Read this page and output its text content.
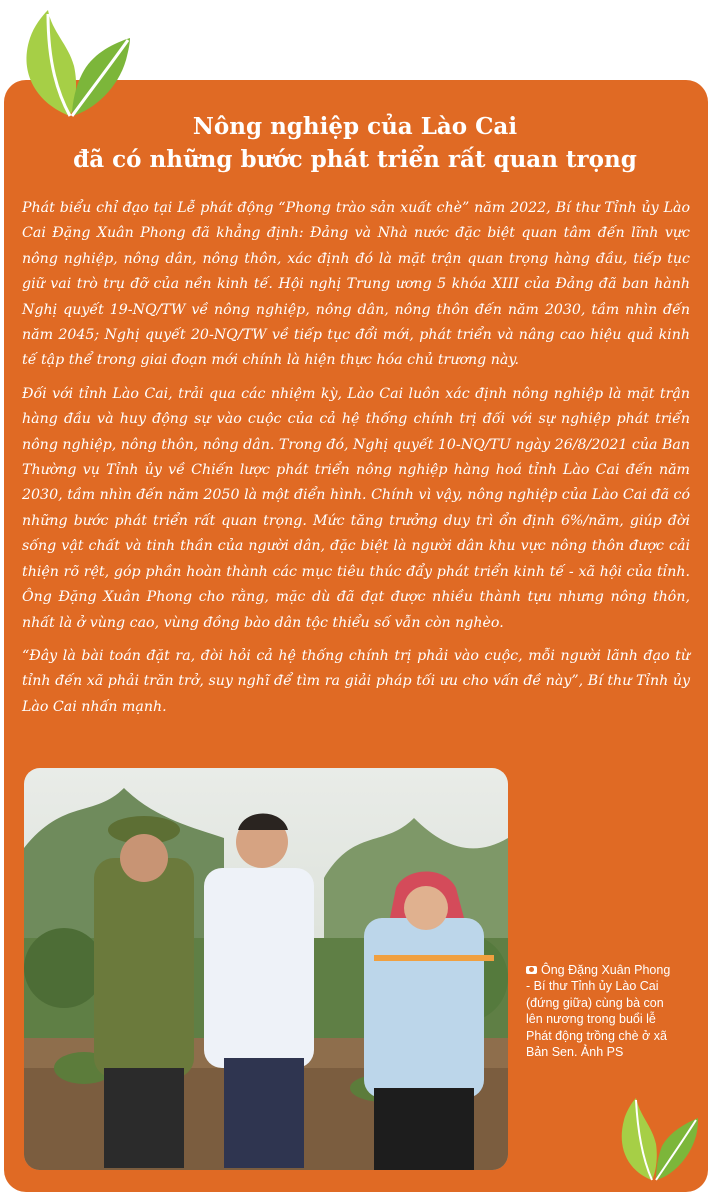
Nông nghiệp của Lào Cai
đã có những bước phát triển rất quan trọng

Phát biểu chỉ đạo tại Lễ phát động “Phong trào sản xuất chè” năm 2022, Bí thư Tỉnh ủy Lào Cai Đặng Xuân Phong đã khẳng định: Đảng và Nhà nước đặc biệt quan tâm đến lĩnh vực nông nghiệp, nông dân, nông thôn, xác định đó là mặt trận quan trọng hàng đầu, tiếp tục giữ vai trò trụ đỡ của nền kinh tế. Hội nghị Trung ương 5 khóa XIII của Đảng đã ban hành Nghị quyết 19-NQ/TW về nông nghiệp, nông dân, nông thôn đến năm 2030, tầm nhìn đến năm 2045; Nghị quyết 20-NQ/TW về tiếp tục đổi mới, phát triển và nâng cao hiệu quả kinh tế tập thể trong giai đoạn mới chính là hiện thực hóa chủ trương này.

Đối với tỉnh Lào Cai, trải qua các nhiệm kỳ, Lào Cai luôn xác định nông nghiệp là mặt trận hàng đầu và huy động sự vào cuộc của cả hệ thống chính trị đối với sự nghiệp phát triển nông nghiệp, nông thôn, nông dân. Trong đó, Nghị quyết 10-NQ/TU ngày 26/8/2021 của Ban Thường vụ Tỉnh ủy về Chiến lược phát triển nông nghiệp hàng hoá tỉnh Lào Cai đến năm 2030, tầm nhìn đến năm 2050 là một điển hình. Chính vì vậy, nông nghiệp của Lào Cai đã có những bước phát triển rất quan trọng. Mức tăng trưởng duy trì ổn định 6%/năm, giúp đời sống vật chất và tinh thần của người dân, đặc biệt là người dân khu vực nông thôn được cải thiện rõ rệt, góp phần hoàn thành các mục tiêu thúc đẩy phát triển kinh tế - xã hội của tỉnh. Ông Đặng Xuân Phong cho rằng, mặc dù đã đạt được nhiều thành tựu nhưng nông thôn, nhất là ở vùng cao, vùng đồng bào dân tộc thiểu số vẫn còn nghèo.

“Đây là bài toán đặt ra, đòi hỏi cả hệ thống chính trị phải vào cuộc, mỗi người lãnh đạo từ tỉnh đến xã phải trăn trở, suy nghĩ để tìm ra giải pháp tối ưu cho vấn đề này”, Bí thư Tỉnh ủy Lào Cai nhấn mạnh.

Ông Đặng Xuân Phong - Bí thư Tỉnh ủy Lào Cai (đứng giữa) cùng bà con lên nương trong buổi lễ Phát động trồng chè ở xã Bản Sen. Ảnh PS
